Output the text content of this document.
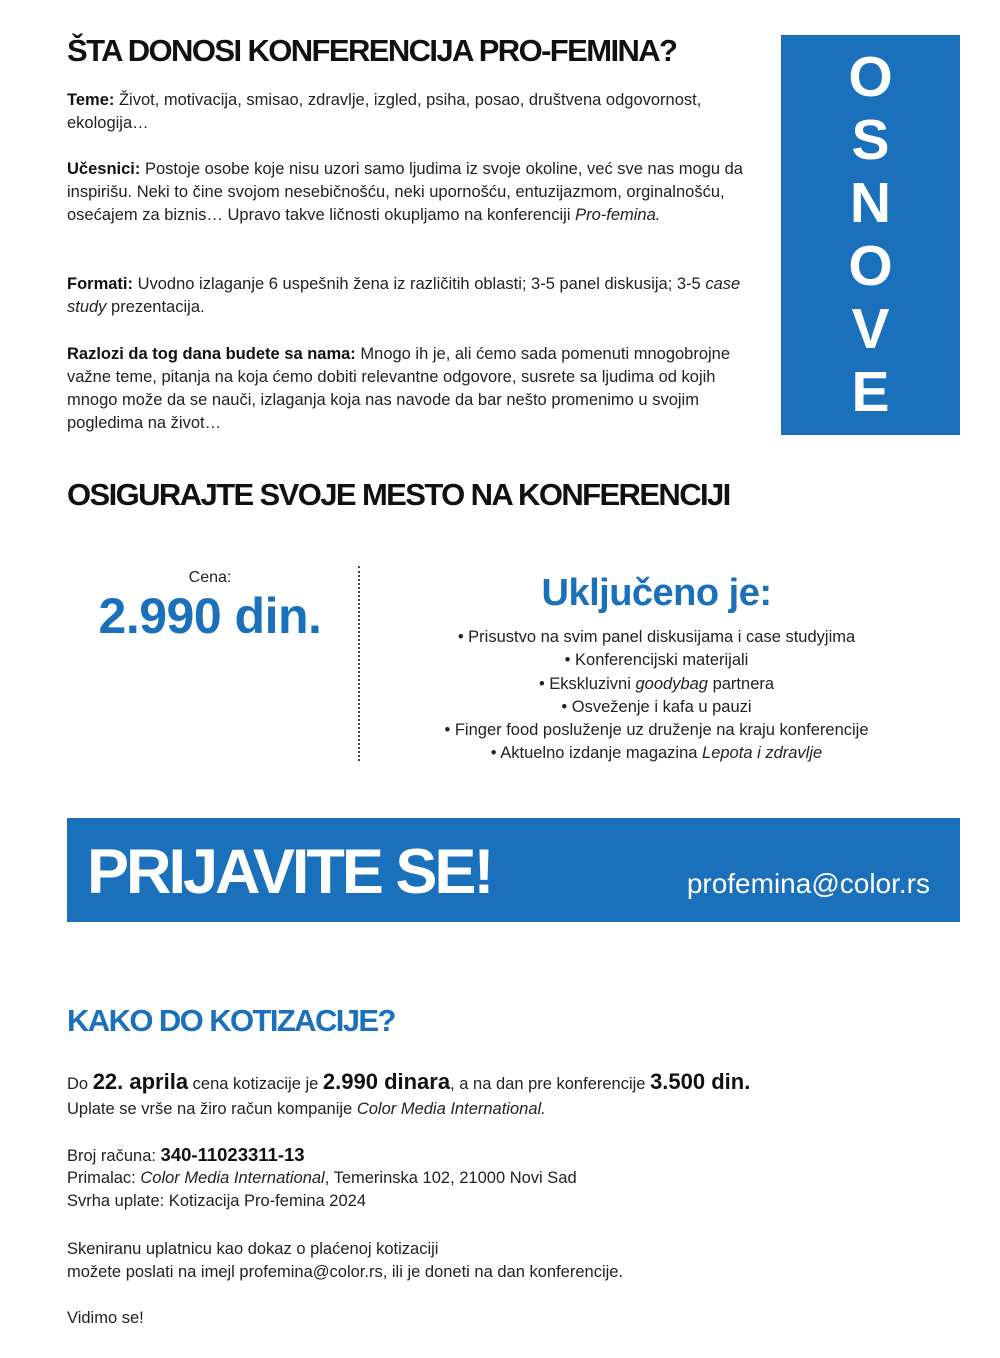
ŠTA DONOSI KONFERENCIJA PRO-FEMINA?
Teme: Život, motivacija, smisao, zdravlje, izgled, psiha, posao, društvena odgovornost, ekologija…
Učesnici: Postoje osobe koje nisu uzori samo ljudima iz svoje okoline, već sve nas mogu da inspirišu. Neki to čine svojom nesebičnošću, neki upornošću, entuzijazmom, orginalnošću, osećajem za biznis… Upravo takve ličnosti okupljamo na konferenciji Pro-femina.
Formati: Uvodno izlaganje 6 uspešnih žena iz različitih oblasti; 3-5 panel diskusija; 3-5 case study prezentacija.
Razlozi da tog dana budete sa nama: Mnogo ih je, ali ćemo sada pomenuti mnogobrojne važne teme, pitanja na koja ćemo dobiti relevantne odgovore, susrete sa ljudima od kojih mnogo može da se nauči, izlaganja koja nas navode da bar nešto promenimo u svojim pogledima na život…
O
S
N
O
V
E
OSIGURAJTE SVOJE MESTO NA KONFERENCIJI
Cena:
2.990 din.	Uključeno je:
• Prisustvo na svim panel diskusijama i case studyjima
• Konferencijski materijali
• Ekskluzivni goodybag partnera
• Osveženje i kafa u pauzi
• Finger food posluženje uz druženje na kraju konferencije
• Aktuelno izdanje magazina Lepota i zdravlje
PRIJAVITE SE!	profemina@color.rs
KAKO DO KOTIZACIJE?
Do 22. aprila cena kotizacije je 2.990 dinara, a na dan pre konferencije 3.500 din.
Uplate se vrše na žiro račun kompanije Color Media International.
Broj računa: 340-11023311-13
Primalac: Color Media International, Temerinska 102, 21000 Novi Sad
Svrha uplate: Kotizacija Pro-femina 2024
Skeniranu uplatnicu kao dokaz o plaćenoj kotizaciji
možete poslati na imejl profemina@color.rs, ili je doneti na dan konferencije.
Vidimo se!
